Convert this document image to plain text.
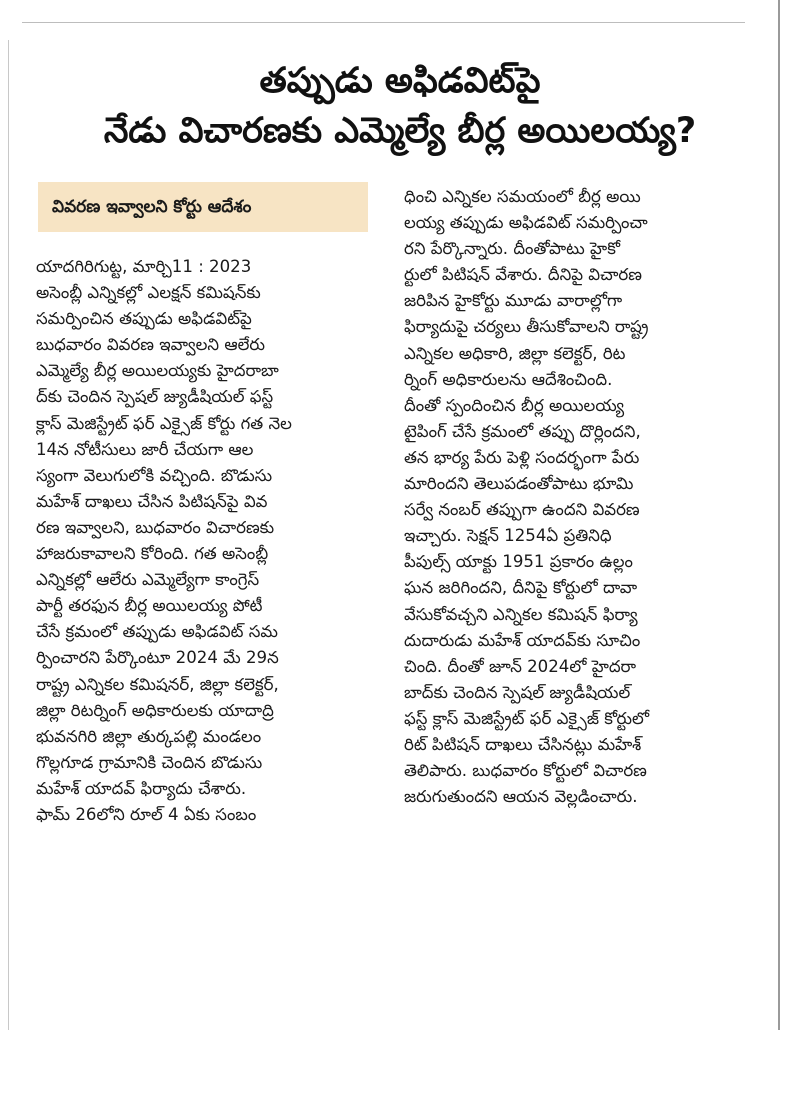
తప్పుడు అఫిడవిట్‌పై
నేడు విచారణకు ఎమ్మెల్యే బీర్ల అయిలయ్య?
వివరణ ఇవ్వాలని కోర్టు ఆదేశం
యాదగిరిగుట్ట, మార్చి11 : 2023
అసెంబ్లీ ఎన్నికల్లో ఎలక్షన్ కమిషన్‌కు
సమర్పించిన తప్పుడు అఫిడవిట్‌పై
బుధవారం వివరణ ఇవ్వాలని ఆలేరు
ఎమ్మెల్యే బీర్ల అయిలయ్యకు హైదరాబా
ద్‌కు చెందిన స్పెషల్ జ్యుడీషియల్ ఫస్ట్
క్లాస్ మెజిస్ట్రేట్ ఫర్ ఎక్సైజ్ కోర్టు గత నెల
14న నోటీసులు జారీ చేయగా ఆల
స్యంగా వెలుగులోకి వచ్చింది. బొడుసు
మహేశ్ దాఖలు చేసిన పిటిషన్‌పై వివ
రణ ఇవ్వాలని, బుధవారం విచారణకు
హాజరుకావాలని కోరింది. గత అసెంబ్లీ
ఎన్నికల్లో ఆలేరు ఎమ్మెల్యేగా కాంగ్రెస్
పార్టీ తరఫున బీర్ల అయిలయ్య పోటీ
చేసే క్రమంలో తప్పుడు అఫిడవిట్ సమ
ర్పించారని పేర్కొంటూ 2024 మే 29న
రాష్ట్ర ఎన్నికల కమిషనర్, జిల్లా కలెక్టర్,
జిల్లా రిటర్నింగ్ అధికారులకు యాదాద్రి
భువనగిరి జిల్లా తుర్కపల్లి మండలం
గొల్లగూడ గ్రామానికి చెందిన బొడుసు
మహేశ్ యాదవ్ ఫిర్యాదు చేశారు.
ఫామ్ 26లోని రూల్ 4 ఏకు సంబం
ధించి ఎన్నికల సమయంలో బీర్ల అయి
లయ్య తప్పుడు అఫిడవిట్ సమర్పించా
రని పేర్కొన్నారు. దీంతోపాటు హైకో
ర్టులో పిటిషన్ వేశారు. దీనిపై విచారణ
జరిపిన హైకోర్టు మూడు వారాల్లోగా
ఫిర్యాదుపై చర్యలు తీసుకోవాలని రాష్ట్ర
ఎన్నికల అధికారి, జిల్లా కలెక్టర్, రిట
ర్నింగ్ అధికారులను ఆదేశించింది.
దీంతో స్పందించిన బీర్ల అయిలయ్య
టైపింగ్ చేసే క్రమంలో తప్పు దొర్లిందని,
తన భార్య పేరు పెళ్లి సందర్భంగా పేరు
మారిందని తెలుపడంతోపాటు భూమి
సర్వే నంబర్ తప్పుగా ఉందని వివరణ
ఇచ్చారు. సెక్షన్ 1254ఏ ప్రతినిధి
పీపుల్స్ యాక్టు 1951 ప్రకారం ఉల్లం
ఘన జరిగిందని, దీనిపై కోర్టులో దావా
వేసుకోవచ్చని ఎన్నికల కమిషన్ ఫిర్యా
దుదారుడు మహేశ్ యాదవ్‌కు సూచిం
చింది. దీంతో జూన్ 2024లో హైదరా
బాద్‌కు చెందిన స్పెషల్ జ్యుడీషియల్
ఫస్ట్ క్లాస్ మెజిస్ట్రేట్ ఫర్ ఎక్సైజ్ కోర్టులో
రిట్ పిటిషన్ దాఖలు చేసినట్లు మహేశ్
తెలిపారు. బుధవారం కోర్టులో విచారణ
జరుగుతుందని ఆయన వెల్లడించారు.
